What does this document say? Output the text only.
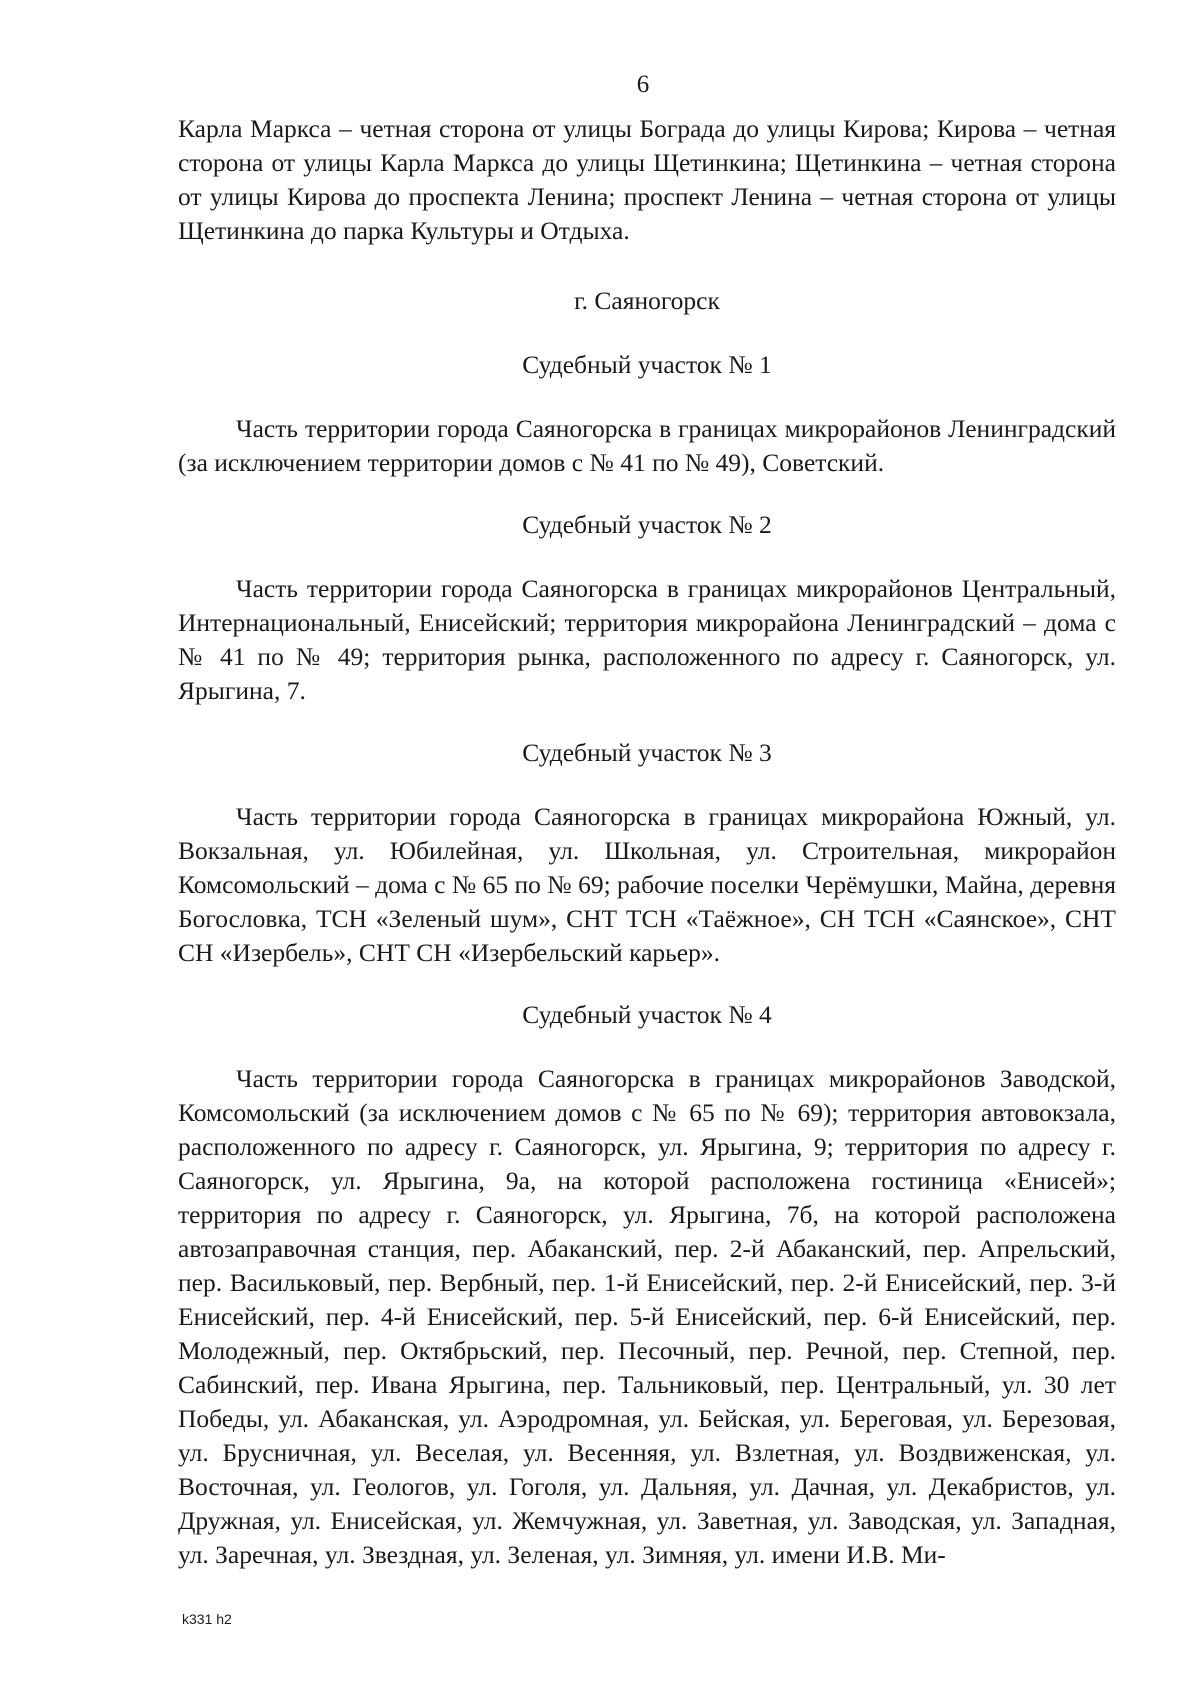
6

Карла Маркса – четная сторона от улицы Бограда до улицы Кирова; Кирова – четная сторона от улицы Карла Маркса до улицы Щетинкина; Щетинкина – четная сторона от улицы Кирова до проспекта Ленина; проспект Ленина – четная сторона от улицы Щетинкина до парка Культуры и Отдыха.

г. Саяногорск

Судебный участок № 1

Часть территории города Саяногорска в границах микрорайонов Ленинградский (за исключением территории домов с № 41 по № 49), Советский.

Судебный участок № 2

Часть территории города Саяногорска в границах микрорайонов Центральный, Интернациональный, Енисейский; территория микрорайона Ленинградский – дома с № 41 по № 49; территория рынка, расположенного по адресу г. Саяногорск, ул. Ярыгина, 7.

Судебный участок № 3

Часть территории города Саяногорска в границах микрорайона Южный, ул. Вокзальная, ул. Юбилейная, ул. Школьная, ул. Строительная, микрорайон Комсомольский – дома с № 65 по № 69; рабочие поселки Черёмушки, Майна, деревня Богословка, ТСН «Зеленый шум», СНТ ТСН «Таёжное», СН ТСН «Саянское», СНТ СН «Изербель», СНТ СН «Изербельский карьер».

Судебный участок № 4

Часть территории города Саяногорска в границах микрорайонов Заводской, Комсомольский (за исключением домов с № 65 по № 69); территория автовокзала, расположенного по адресу г. Саяногорск, ул. Ярыгина, 9; территория по адресу г. Саяногорск, ул. Ярыгина, 9а, на которой расположена гостиница «Енисей»; территория по адресу г. Саяногорск, ул. Ярыгина, 7б, на которой расположена автозаправочная станция, пер. Абаканский, пер. 2-й Абаканский, пер. Апрельский, пер. Васильковый, пер. Вербный, пер. 1-й Енисейский, пер. 2-й Енисейский, пер. 3-й Енисейский, пер. 4-й Енисейский, пер. 5-й Енисейский, пер. 6-й Енисейский, пер. Молодежный, пер. Октябрьский, пер. Песочный, пер. Речной, пер. Степной, пер. Сабинский, пер. Ивана Ярыгина, пер. Тальниковый, пер. Центральный, ул. 30 лет Победы, ул. Абаканская, ул. Аэродромная, ул. Бейская, ул. Береговая, ул. Березовая, ул. Брусничная, ул. Веселая, ул. Весенняя, ул. Взлетная, ул. Воздвиженская, ул. Восточная, ул. Геологов, ул. Гоголя, ул. Дальняя, ул. Дачная, ул. Декабристов, ул. Дружная, ул. Енисейская, ул. Жемчужная, ул. Заветная, ул. Заводская, ул. Западная, ул. Заречная, ул. Звездная, ул. Зеленая, ул. Зимняя, ул. имени И.В. Ми-

k331 h2
